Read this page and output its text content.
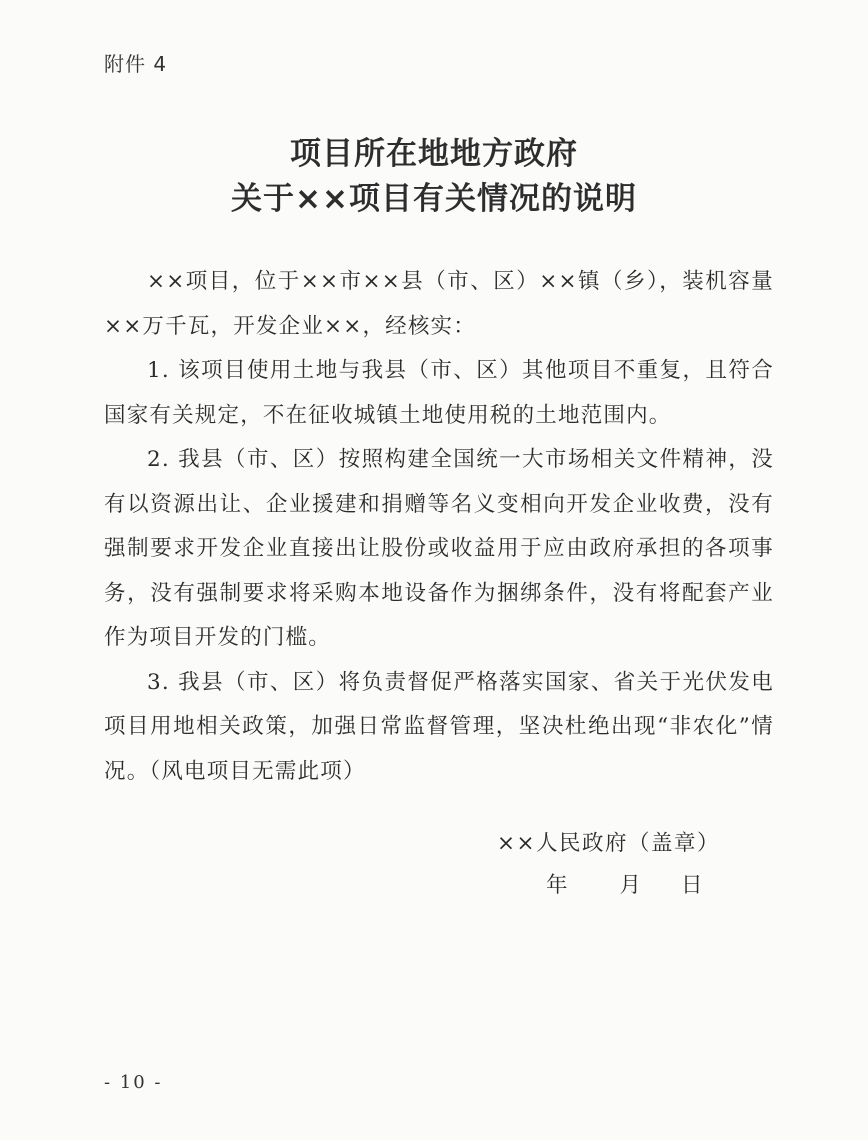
附件 4
项目所在地地方政府
关于××项目有关情况的说明

××项目，位于××市××县（市、区）××镇（乡），装机容量××万千瓦，开发企业××，经核实：

1. 该项目使用土地与我县（市、区）其他项目不重复，且符合国家有关规定，不在征收城镇土地使用税的土地范围内。

2. 我县（市、区）按照构建全国统一大市场相关文件精神，没有以资源出让、企业援建和捐赠等名义变相向开发企业收费，没有强制要求开发企业直接出让股份或收益用于应由政府承担的各项事务，没有强制要求将采购本地设备作为捆绑条件，没有将配套产业作为项目开发的门槛。

3. 我县（市、区）将负责督促严格落实国家、省关于光伏发电项目用地相关政策，加强日常监督管理，坚决杜绝出现“非农化”情况。（风电项目无需此项）

××人民政府（盖章）
年 月 日
- 10 -
